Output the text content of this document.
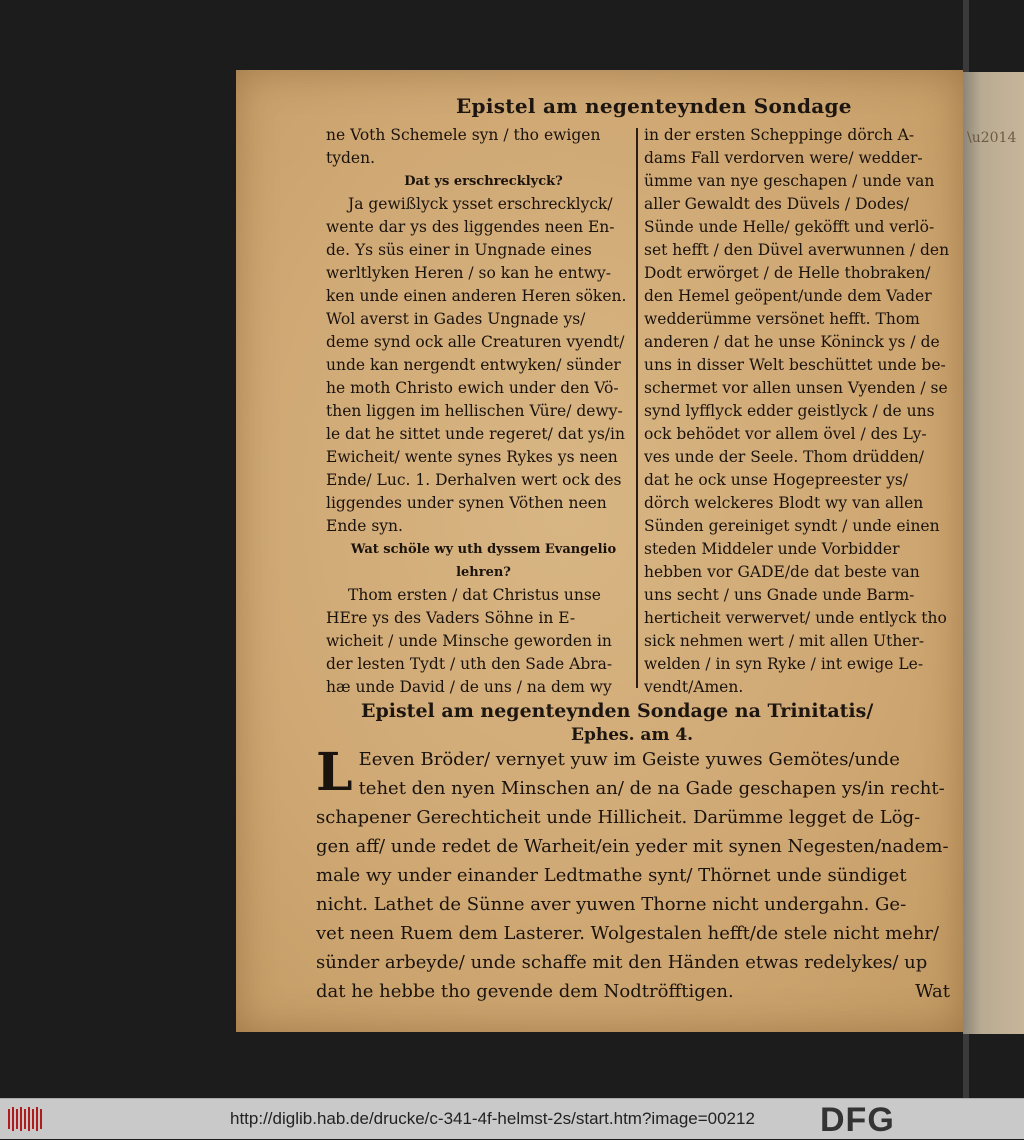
\u2014
Epistel am negenteynden Sondage
ne Voth Schemele syn / tho ewigen
tyden.
Dat ys erschrecklyck?
Ja gewißlyck ysset erschrecklyck/
wente dar ys des liggendes neen En-
de. Ys süs einer in Ungnade eines
werltlyken Heren / so kan he entwy-
ken unde einen anderen Heren söken.
Wol averst in Gades Ungnade ys/
deme synd ock alle Creaturen vyendt/
unde kan nergendt entwyken/ sünder
he moth Christo ewich under den Vö-
then liggen im hellischen Vüre/ dewy-
le dat he sittet unde regeret/ dat ys/in
Ewicheit/ wente synes Rykes ys neen
Ende/ Luc. 1. Derhalven wert ock des
liggendes under synen Vöthen neen
Ende syn.
Wat schöle wy uth dyssem Evangelio
lehren?
Thom ersten / dat Christus unse
HEre ys des Vaders Söhne in E-
wicheit / unde Minsche geworden in
der lesten Tydt / uth den Sade Abra-
hæ unde David / de uns / na dem wy
in der ersten Scheppinge dörch A-
dams Fall verdorven were/ wedder-
ümme van nye geschapen / unde van
aller Gewaldt des Düvels / Dodes/
Sünde unde Helle/ geköfft und verlö-
set hefft / den Düvel averwunnen / den
Dodt erwörget / de Helle thobraken/
den Hemel geöpent/unde dem Vader
wedderümme versönet hefft. Thom
anderen / dat he unse Köninck ys / de
uns in disser Welt beschüttet unde be-
schermet vor allen unsen Vyenden / se
synd lyfflyck edder geistlyck / de uns
ock behödet vor allem övel / des Ly-
ves unde der Seele. Thom drüdden/
dat he ock unse Hogepreester ys/
dörch welckeres Blodt wy van allen
Sünden gereiniget syndt / unde einen
steden Middeler unde Vorbidder
hebben vor GADE/de dat beste van
uns secht / uns Gnade unde Barm-
herticheit verwervet/ unde entlyck tho
sick nehmen wert / mit allen Uther-
welden / in syn Ryke / int ewige Le-
vendt/Amen.
Epistel am negenteynden Sondage na Trinitatis/
Ephes. am 4.
L Eeven Bröder/ vernyet yuw im Geiste yuwes Gemötes/unde
tehet den nyen Minschen an/ de na Gade geschapen ys/in recht-
schapener Gerechticheit unde Hillicheit. Darümme legget de Lög-
gen aff/ unde redet de Warheit/ein yeder mit synen Negesten/nadem-
male wy under einander Ledtmathe synt/ Thörnet unde sündiget
nicht. Lathet de Sünne aver yuwen Thorne nicht undergahn. Ge-
vet neen Ruem dem Lasterer. Wolgestalen hefft/de stele nicht mehr/
sünder arbeyde/ unde schaffe mit den Händen etwas redelykes/ up
dat he hebbe tho gevende dem Nodtröfftigen.	Wat
http://diglib.hab.de/drucke/c-341-4f-helmst-2s/start.htm?image=00212 DFG
